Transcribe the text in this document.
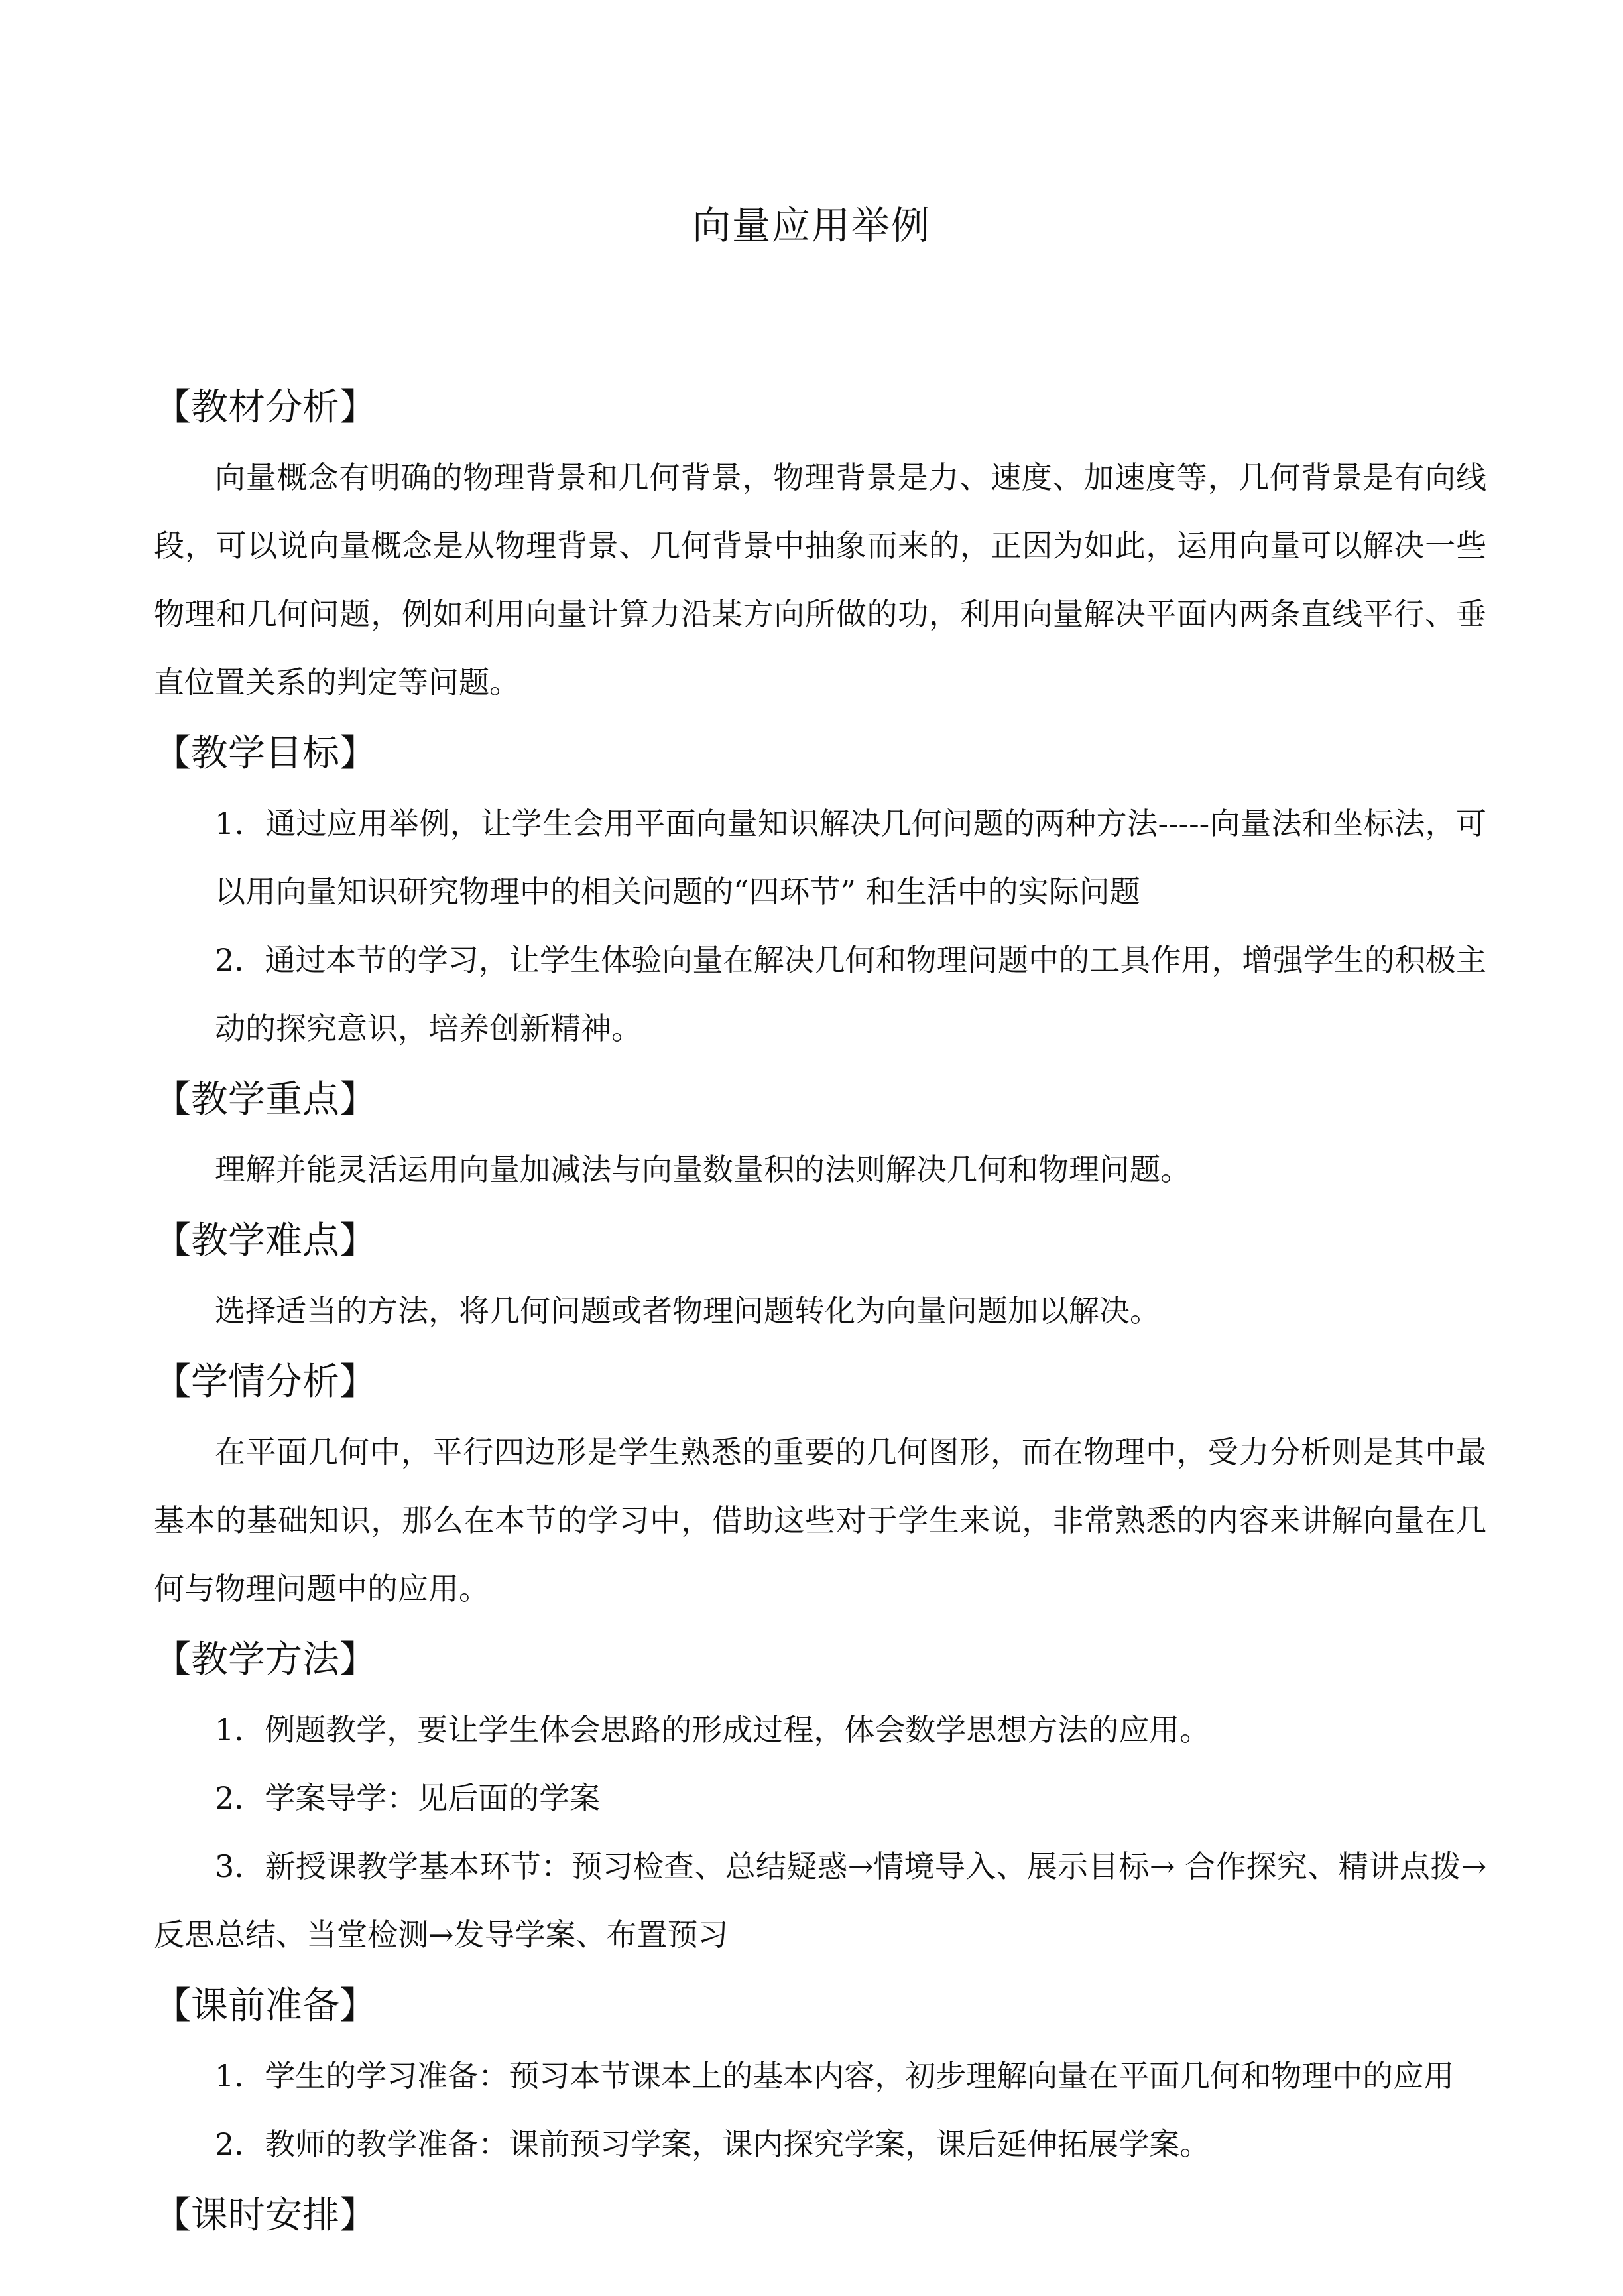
向量应用举例
【教材分析】

向量概念有明确的物理背景和几何背景，物理背景是力、速度、加速度等，几何背景是有向线段，可以说向量概念是从物理背景、几何背景中抽象而来的，正因为如此，运用向量可以解决一些物理和几何问题，例如利用向量计算力沿某方向所做的功，利用向量解决平面内两条直线平行、垂直位置关系的判定等问题。

【教学目标】

1．通过应用举例，让学生会用平面向量知识解决几何问题的两种方法-----向量法和坐标法，可以用向量知识研究物理中的相关问题的“四环节” 和生活中的实际问题

2．通过本节的学习，让学生体验向量在解决几何和物理问题中的工具作用，增强学生的积极主动的探究意识，培养创新精神。

【教学重点】

理解并能灵活运用向量加减法与向量数量积的法则解决几何和物理问题。

【教学难点】

选择适当的方法，将几何问题或者物理问题转化为向量问题加以解决。

【学情分析】

在平面几何中，平行四边形是学生熟悉的重要的几何图形，而在物理中，受力分析则是其中最基本的基础知识，那么在本节的学习中，借助这些对于学生来说，非常熟悉的内容来讲解向量在几何与物理问题中的应用。

【教学方法】

1．例题教学，要让学生体会思路的形成过程，体会数学思想方法的应用。

2．学案导学：见后面的学案

3．新授课教学基本环节：预习检查、总结疑惑→情境导入、展示目标→ 合作探究、精讲点拨→反思总结、当堂检测→发导学案、布置预习

【课前准备】

1．学生的学习准备：预习本节课本上的基本内容，初步理解向量在平面几何和物理中的应用

2．教师的教学准备：课前预习学案，课内探究学案，课后延伸拓展学案。

【课时安排】
